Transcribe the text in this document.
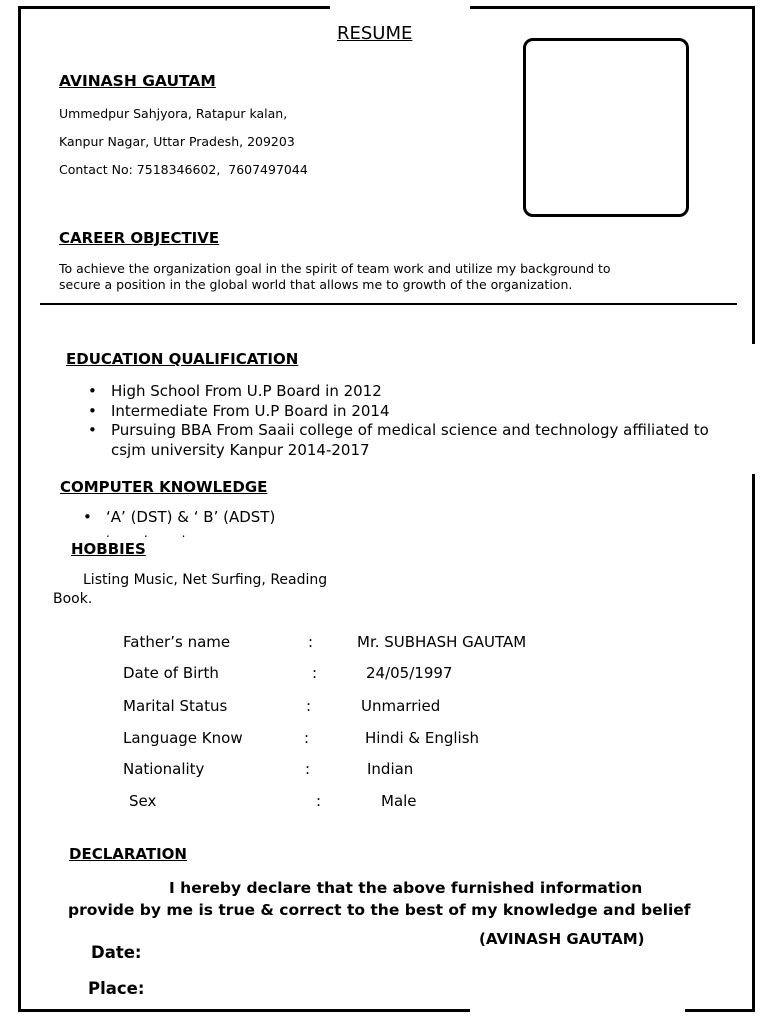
RESUME
AVINASH GAUTAM
Ummedpur Sahjyora, Ratapur kalan,
Kanpur Nagar, Uttar Pradesh, 209203
Contact No: 7518346602,  7607497044
CAREER OBJECTIVE
To achieve the organization goal in the spirit of team work and utilize my background to secure a position in the global world that allows me to growth of the organization.
EDUCATION QUALIFICATION
• High School From U.P Board in 2012
• Intermediate From U.P Board in 2014
• Pursuing BBA From Saaii college of medical science and technology affiliated to csjm university Kanpur 2014-2017
COMPUTER KNOWLEDGE
• ‘A’ (DST) & ‘ B’ (ADST)
...
HOBBIES
Listing Music, Net Surfing, Reading Book.
Father’s name	:	Mr. SUBHASH GAUTAM
Date of Birth	:	24/05/1997
Marital Status	:	Unmarried
Language Know	:	Hindi & English
Nationality	:	Indian
Sex	:	Male
DECLARATION
I hereby declare that the above furnished information provide by me is true & correct to the best of my knowledge and belief
(AVINASH GAUTAM)
Date:
Place:
